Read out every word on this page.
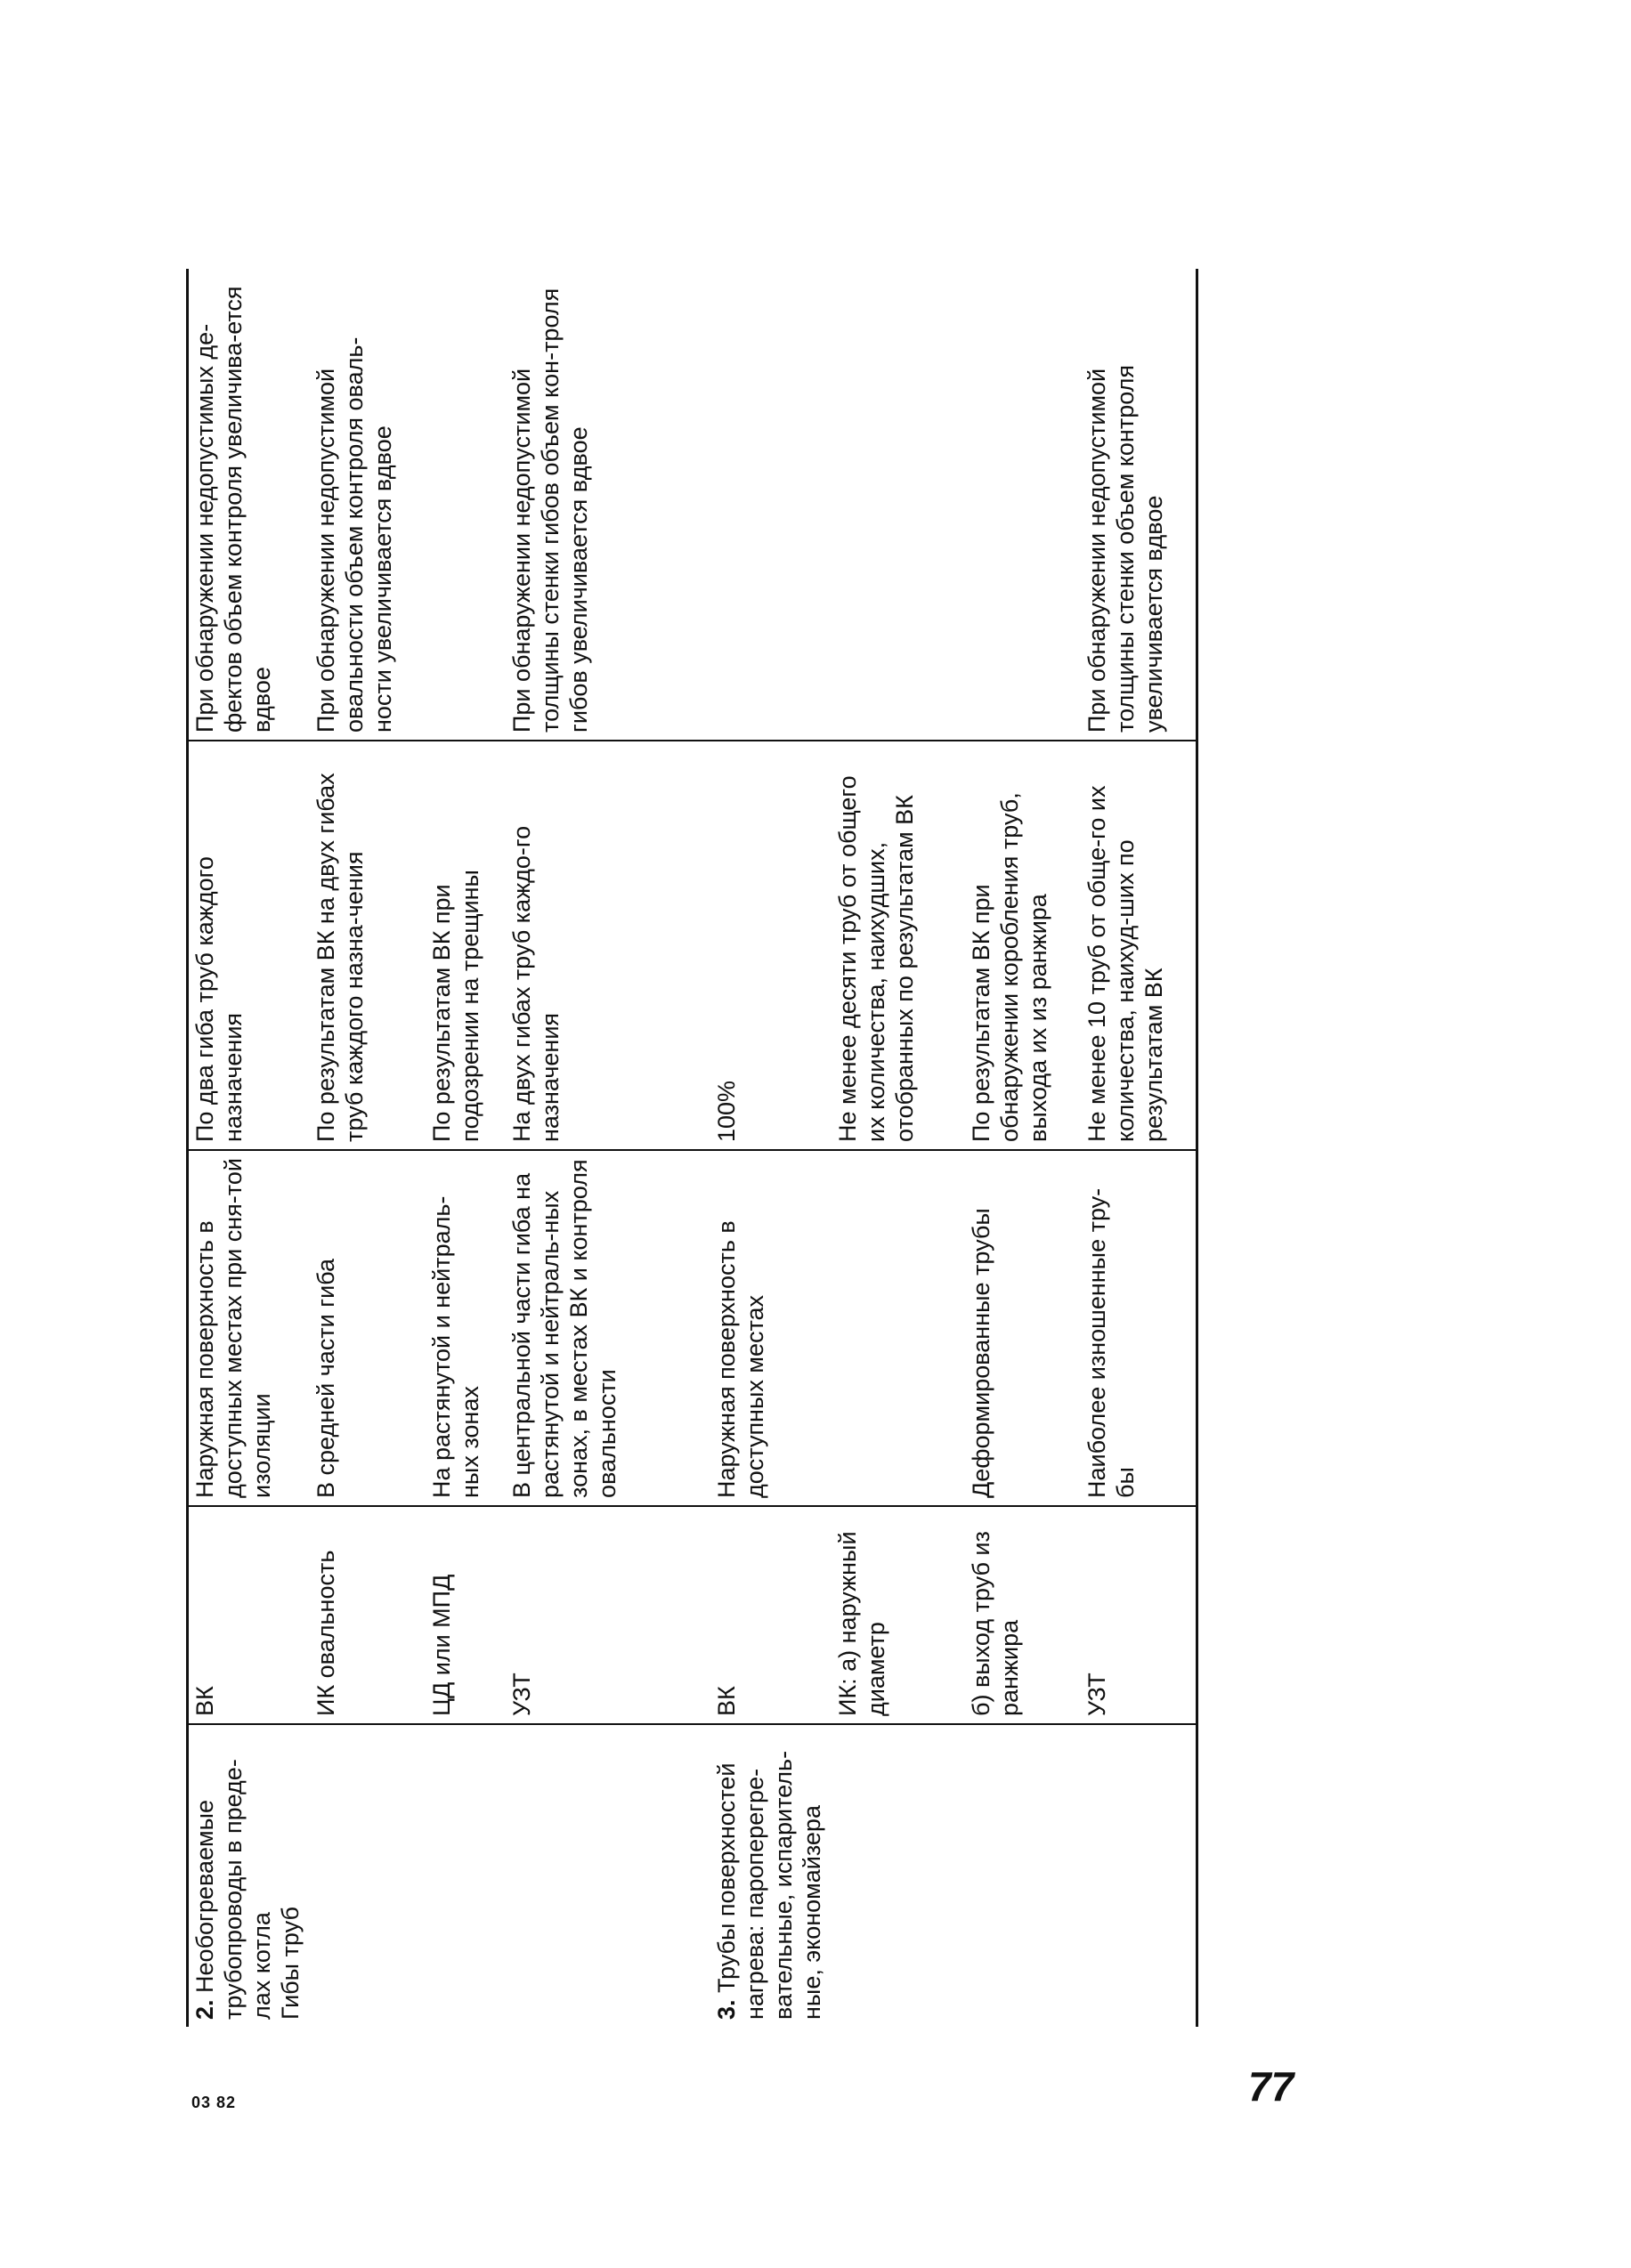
03 82	77
2. Необогреваемые трубопроводы в преде-лах котла
Гибы труб	ВК	Наружная поверхность в доступных местах при сня-той изоляции	По два гиба труб каждого назначения	При обнаружении недопустимых де-фектов объем контроля увеличива-ется вдвое
	ИК овальность	В средней части гиба	По результатам ВК на двух гибах труб каждого назна-чения	При обнаружении недопустимой овальности объем контроля оваль-ности увеличивается вдвое
	ЦД или МПД	На растянутой и нейтраль-ных зонах	По результатам ВК при подозрении на трещины	
	УЗТ	В центральной части гиба на растянутой и нейтраль-ных зонах, в местах ВК и контроля овальности	На двух гибах труб каждо-го назначения	При обнаружении недопустимой толщины стенки гибов объем кон-троля гибов увеличивается вдвое
3. Трубы поверхностей нагрева: пароперегре-вательные, испаритель-ные, экономайзера	ВК	Наружная поверхность в доступных местах	100%	
	ИК: а) наружный диаметр		Не менее десяти труб от общего их количества, наихудших, отобранных по результатам ВК	
	б) выход труб из ранжира	Деформированные трубы	По результатам ВК при обнаружении коробления труб, выхода их из ранжира	
	УЗТ	Наиболее изношенные тру-бы	Не менее 10 труб от обще-го их количества, наихуд-ших по результатам ВК	При обнаружении недопустимой толщины стенки объем контроля увеличивается вдвое
